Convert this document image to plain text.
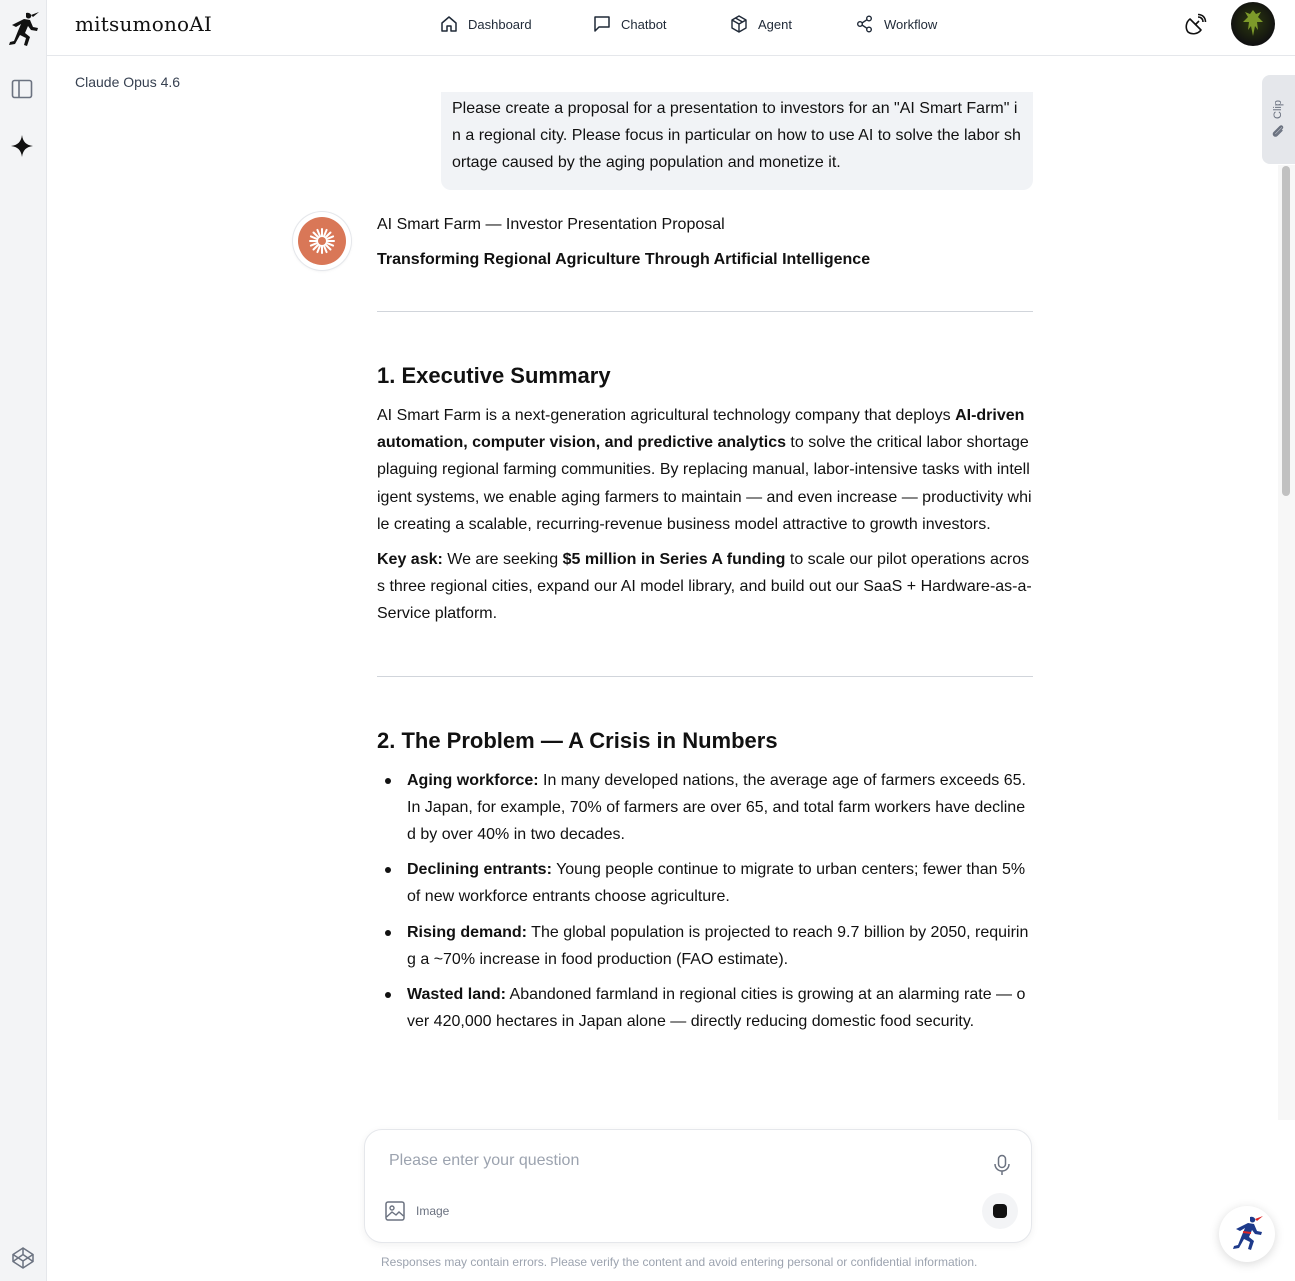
mitsumonoAI	Dashboard	Chatbot	Agent	Workflow
Claude Opus 4.6
Clip
Please create a proposal for a presentation to investors for an "AI Smart Farm" in a regional city. Please focus in particular on how to use AI to solve the labor shortage caused by the aging population and monetize it.
AI Smart Farm — Investor Presentation Proposal
Transforming Regional Agriculture Through Artificial Intelligence
1. Executive Summary

AI Smart Farm is a next-generation agricultural technology company that deploys AI-driven automation, computer vision, and predictive analytics to solve the critical labor shortage plaguing regional farming communities. By replacing manual, labor-intensive tasks with intelligent systems, we enable aging farmers to maintain — and even increase — productivity while creating a scalable, recurring-revenue business model attractive to growth investors.

Key ask: We are seeking $5 million in Series A funding to scale our pilot operations across three regional cities, expand our AI model library, and build out our SaaS + Hardware-as-a-Service platform.

2. The Problem — A Crisis in Numbers
Aging workforce: In many developed nations, the average age of farmers exceeds 65. In Japan, for example, 70% of farmers are over 65, and total farm workers have declined by over 40% in two decades.
Declining entrants: Young people continue to migrate to urban centers; fewer than 5% of new workforce entrants choose agriculture.
Rising demand: The global population is projected to reach 9.7 billion by 2050, requiring a ~70% increase in food production (FAO estimate).
Wasted land: Abandoned farmland in regional cities is growing at an alarming rate — over 420,000 hectares in Japan alone — directly reducing domestic food security.
Please enter your question
Image
Responses may contain errors. Please verify the content and avoid entering personal or confidential information.
